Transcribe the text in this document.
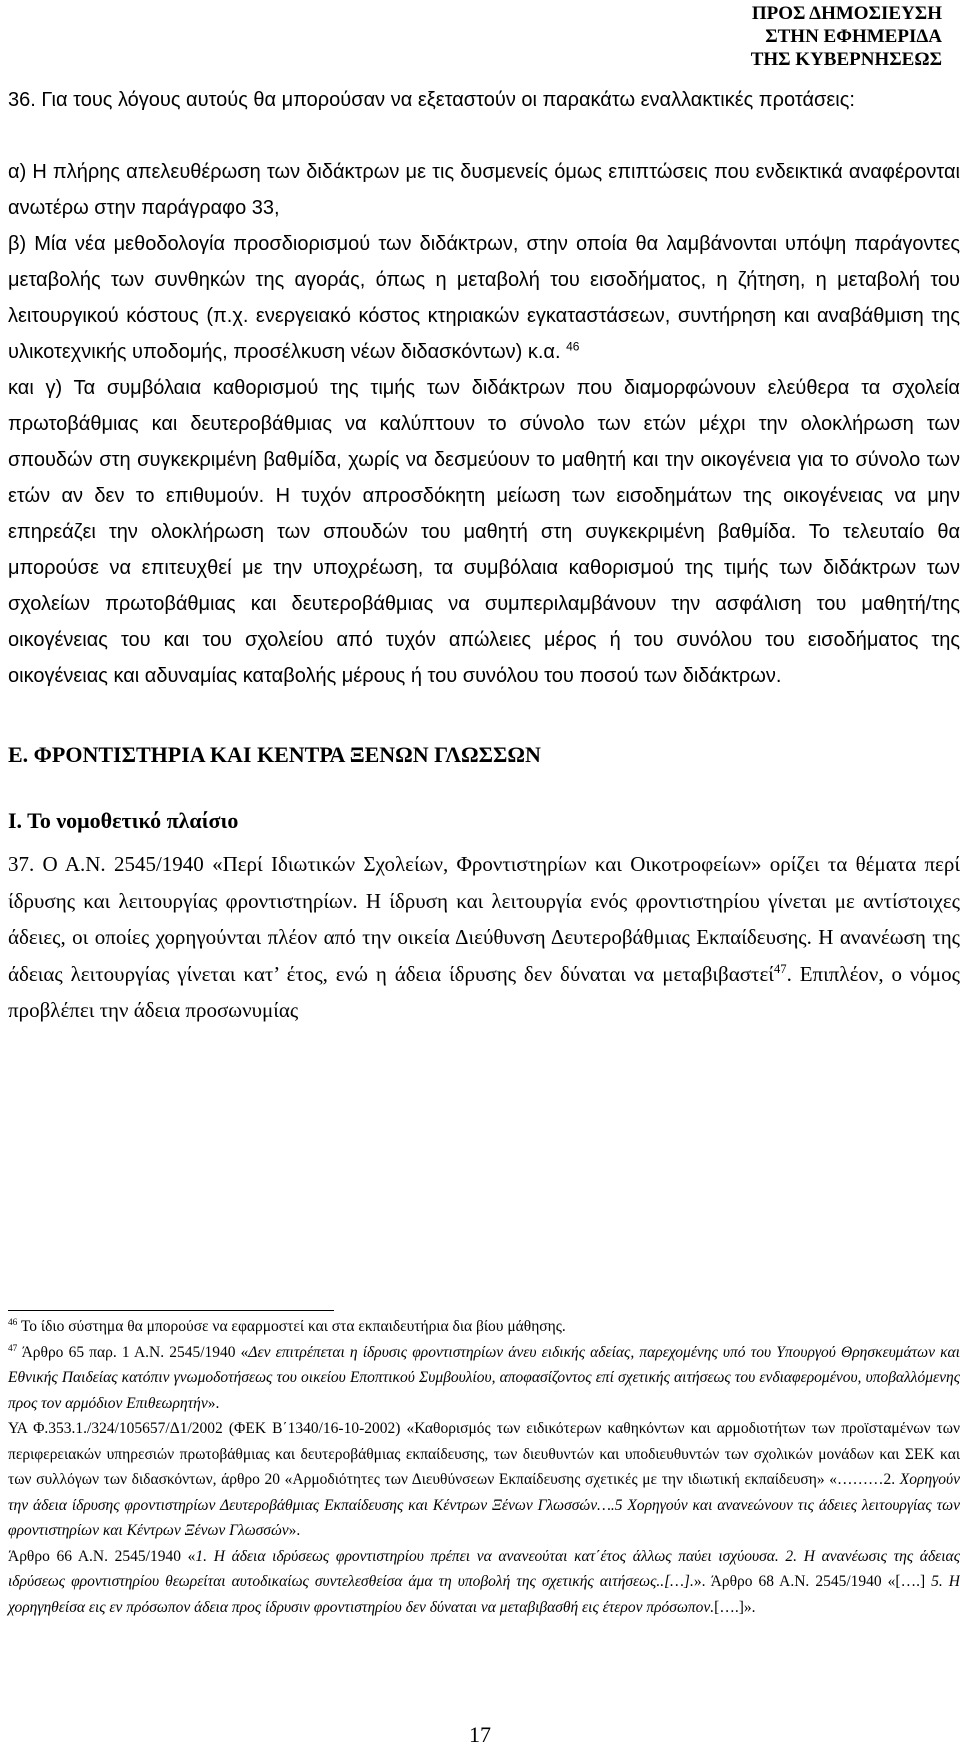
ΠΡΟΣ ΔΗΜΟΣΙΕΥΣΗ
ΣΤΗΝ ΕΦΗΜΕΡΙΔΑ
ΤΗΣ ΚΥΒΕΡΝΗΣΕΩΣ

36. Για τους λόγους αυτούς θα μπορούσαν να εξεταστούν οι παρακάτω εναλλακτικές προτάσεις:

α) Η πλήρης απελευθέρωση των διδάκτρων με τις δυσμενείς όμως επιπτώσεις που ενδεικτικά αναφέρονται ανωτέρω στην παράγραφο 33,

β) Μία νέα μεθοδολογία προσδιορισμού των διδάκτρων, στην οποία θα λαμβάνονται υπόψη παράγοντες μεταβολής των συνθηκών της αγοράς, όπως η μεταβολή του εισοδήματος, η ζήτηση, η μεταβολή του λειτουργικού κόστους (π.χ. ενεργειακό κόστος κτηριακών εγκαταστάσεων, συντήρηση και αναβάθμιση της υλικοτεχνικής υποδομής, προσέλκυση νέων διδασκόντων) κ.α. $^{46}$

και γ) Τα συμβόλαια καθορισμού της τιμής των διδάκτρων που διαμορφώνουν ελεύθερα τα σχολεία πρωτοβάθμιας και δευτεροβάθμιας να καλύπτουν το σύνολο των ετών μέχρι την ολοκλήρωση των σπουδών στη συγκεκριμένη βαθμίδα, χωρίς να δεσμεύουν το μαθητή και την οικογένεια για το σύνολο των ετών αν δεν το επιθυμούν. Η τυχόν απροσδόκητη μείωση των εισοδημάτων της οικογένειας να μην επηρεάζει την ολοκλήρωση των σπουδών του μαθητή στη συγκεκριμένη βαθμίδα. Το τελευταίο θα μπορούσε να επιτευχθεί με την υποχρέωση, τα συμβόλαια καθορισμού της τιμής των διδάκτρων των σχολείων πρωτοβάθμιας και δευτεροβάθμιας να συμπεριλαμβάνουν την ασφάλιση του μαθητή/της οικογένειας του και του σχολείου από τυχόν απώλειες μέρος ή του συνόλου του εισοδήματος της οικογένειας και αδυναμίας καταβολής μέρους ή του συνόλου του ποσού των διδάκτρων.

Ε. ΦΡΟΝΤΙΣΤΗΡΙΑ ΚΑΙ ΚΕΝΤΡΑ ΞΕΝΩΝ ΓΛΩΣΣΩΝ

Ι. Το νομοθετικό πλαίσιο

37. Ο Α.Ν. 2545/1940 «Περί Ιδιωτικών Σχολείων, Φροντιστηρίων και Οικοτροφείων» ορίζει τα θέματα περί ίδρυσης και λειτουργίας φροντιστηρίων. Η ίδρυση και λειτουργία ενός φροντιστηρίου γίνεται με αντίστοιχες άδειες, οι οποίες χορηγούνται πλέον από την οικεία Διεύθυνση Δευτεροβάθμιας Εκπαίδευσης. Η ανανέωση της άδειας λειτουργίας γίνεται κατ’ έτος, ενώ η άδεια ίδρυσης δεν δύναται να μεταβιβαστεί$^{47}$. Επιπλέον, ο νόμος προβλέπει την άδεια προσωνυμίας

$^{46}$ Το ίδιο σύστημα θα μπορούσε να εφαρμοστεί και στα εκπαιδευτήρια δια βίου μάθησης.

$^{47}$ Άρθρο 65 παρ. 1 Α.Ν. 2545/1940 «Δεν επιτρέπεται η ίδρυσις φροντιστηρίων άνευ ειδικής αδείας, παρεχομένης υπό του Υπουργού Θρησκευμάτων και Εθνικής Παιδείας κατόπιν γνωμοδοτήσεως του οικείου Εποπτικού Συμβουλίου, αποφασίζοντος επί σχετικής αιτήσεως του ενδιαφερομένου, υποβαλλόμενης προς τον αρμόδιον Επιθεωρητήν».

ΥΑ Φ.353.1./324/105657/Δ1/2002 (ΦΕΚ Β΄1340/16-10-2002) «Καθορισμός των ειδικότερων καθηκόντων και αρμοδιοτήτων των προϊσταμένων των περιφερειακών υπηρεσιών πρωτοβάθμιας και δευτεροβάθμιας εκπαίδευσης, των διευθυντών και υποδιευθυντών των σχολικών μονάδων και ΣΕΚ και των συλλόγων των διδασκόντων, άρθρο 20 «Αρμοδιότητες των Διευθύνσεων Εκπαίδευσης σχετικές με την ιδιωτική εκπαίδευση» «………2. Χορηγούν την άδεια ίδρυσης φροντιστηρίων Δευτεροβάθμιας Εκπαίδευσης και Κέντρων Ξένων Γλωσσών….5 Χορηγούν και ανανεώνουν τις άδειες λειτουργίας των φροντιστηρίων και Κέντρων Ξένων Γλωσσών».

Άρθρο 66 Α.Ν. 2545/1940 «1. Η άδεια ιδρύσεως φροντιστηρίου πρέπει να ανανεούται κατ΄έτος άλλως παύει ισχύουσα. 2. Η ανανέωσις της άδειας ιδρύσεως φροντιστηρίου θεωρείται αυτοδικαίως συντελεσθείσα άμα τη υποβολή της σχετικής αιτήσεως..[…].». Άρθρο 68 Α.Ν. 2545/1940 «[….] 5. Η χορηγηθείσα εις εν πρόσωπον άδεια προς ίδρυσιν φροντιστηρίου δεν δύναται να μεταβιβασθή εις έτερον πρόσωπον.[….]».

17
